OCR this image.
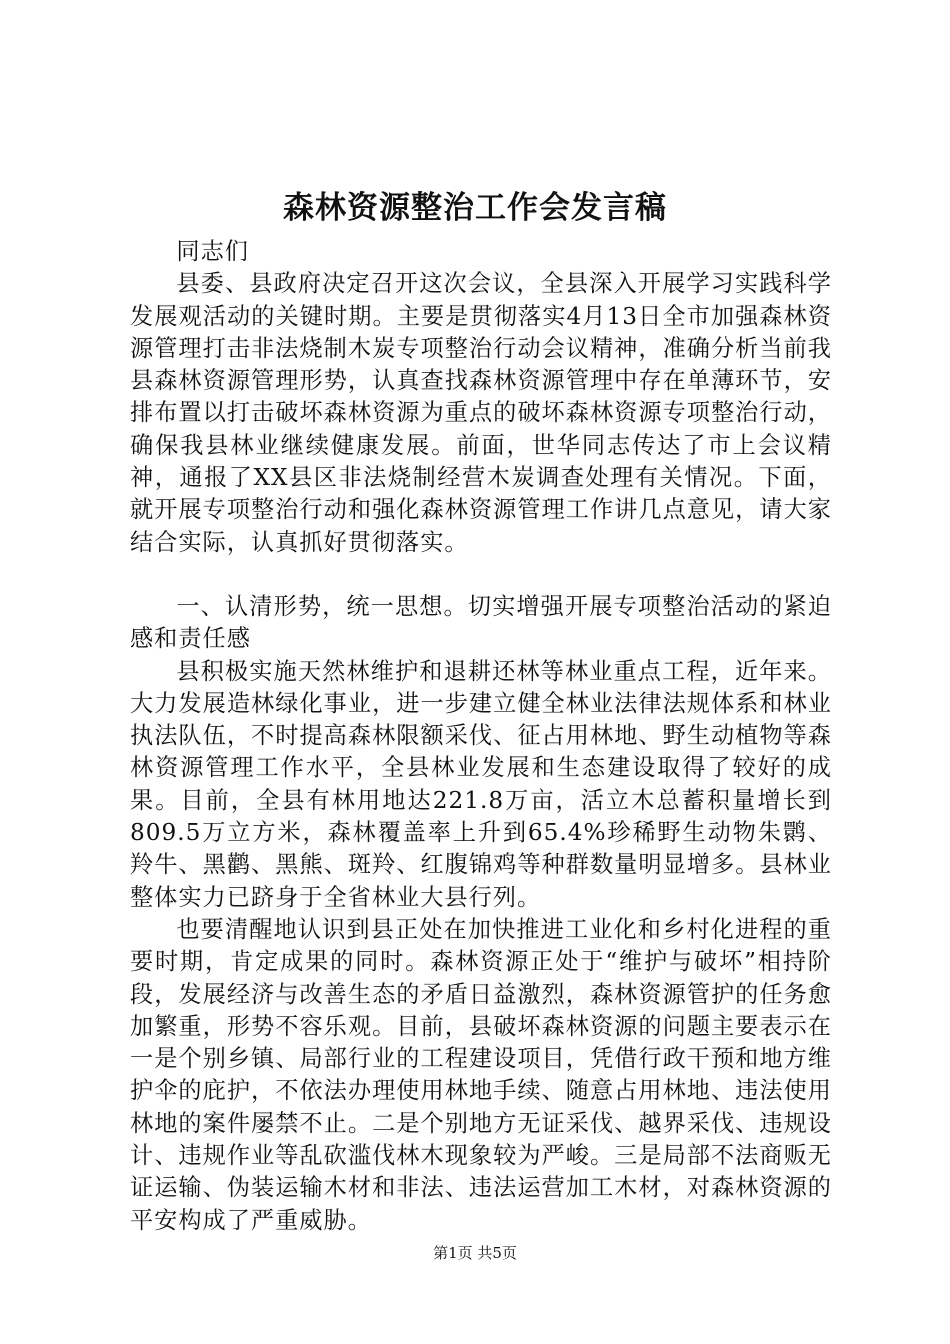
森林资源整治工作会发言稿

同志们

县委、县政府决定召开这次会议，全县深入开展学习实践科学发展观活动的关键时期。主要是贯彻落实4月13日全市加强森林资源管理打击非法烧制木炭专项整治行动会议精神，准确分析当前我县森林资源管理形势，认真查找森林资源管理中存在单薄环节，安排布置以打击破坏森林资源为重点的破坏森林资源专项整治行动，确保我县林业继续健康发展。前面，世华同志传达了市上会议精神，通报了XX县区非法烧制经营木炭调查处理有关情况。下面，就开展专项整治行动和强化森林资源管理工作讲几点意见，请大家结合实际，认真抓好贯彻落实。

一、认清形势，统一思想。切实增强开展专项整治活动的紧迫感和责任感

县积极实施天然林维护和退耕还林等林业重点工程，近年来。大力发展造林绿化事业，进一步建立健全林业法律法规体系和林业执法队伍，不时提高森林限额采伐、征占用林地、野生动植物等森林资源管理工作水平，全县林业发展和生态建设取得了较好的成果。目前，全县有林用地达221.8万亩，活立木总蓄积量增长到809.5万立方米，森林覆盖率上升到65.4%珍稀野生动物朱鹮、羚牛、黑鹳、黑熊、斑羚、红腹锦鸡等种群数量明显增多。县林业整体实力已跻身于全省林业大县行列。

也要清醒地认识到县正处在加快推进工业化和乡村化进程的重要时期，肯定成果的同时。森林资源正处于“维护与破坏”相持阶段，发展经济与改善生态的矛盾日益激烈，森林资源管护的任务愈加繁重，形势不容乐观。目前，县破坏森林资源的问题主要表示在一是个别乡镇、局部行业的工程建设项目，凭借行政干预和地方维护伞的庇护，不依法办理使用林地手续、随意占用林地、违法使用林地的案件屡禁不止。二是个别地方无证采伐、越界采伐、违规设计、违规作业等乱砍滥伐林木现象较为严峻。三是局部不法商贩无证运输、伪装运输木材和非法、违法运营加工木材，对森林资源的平安构成了严重威胁。

第1页 共5页
